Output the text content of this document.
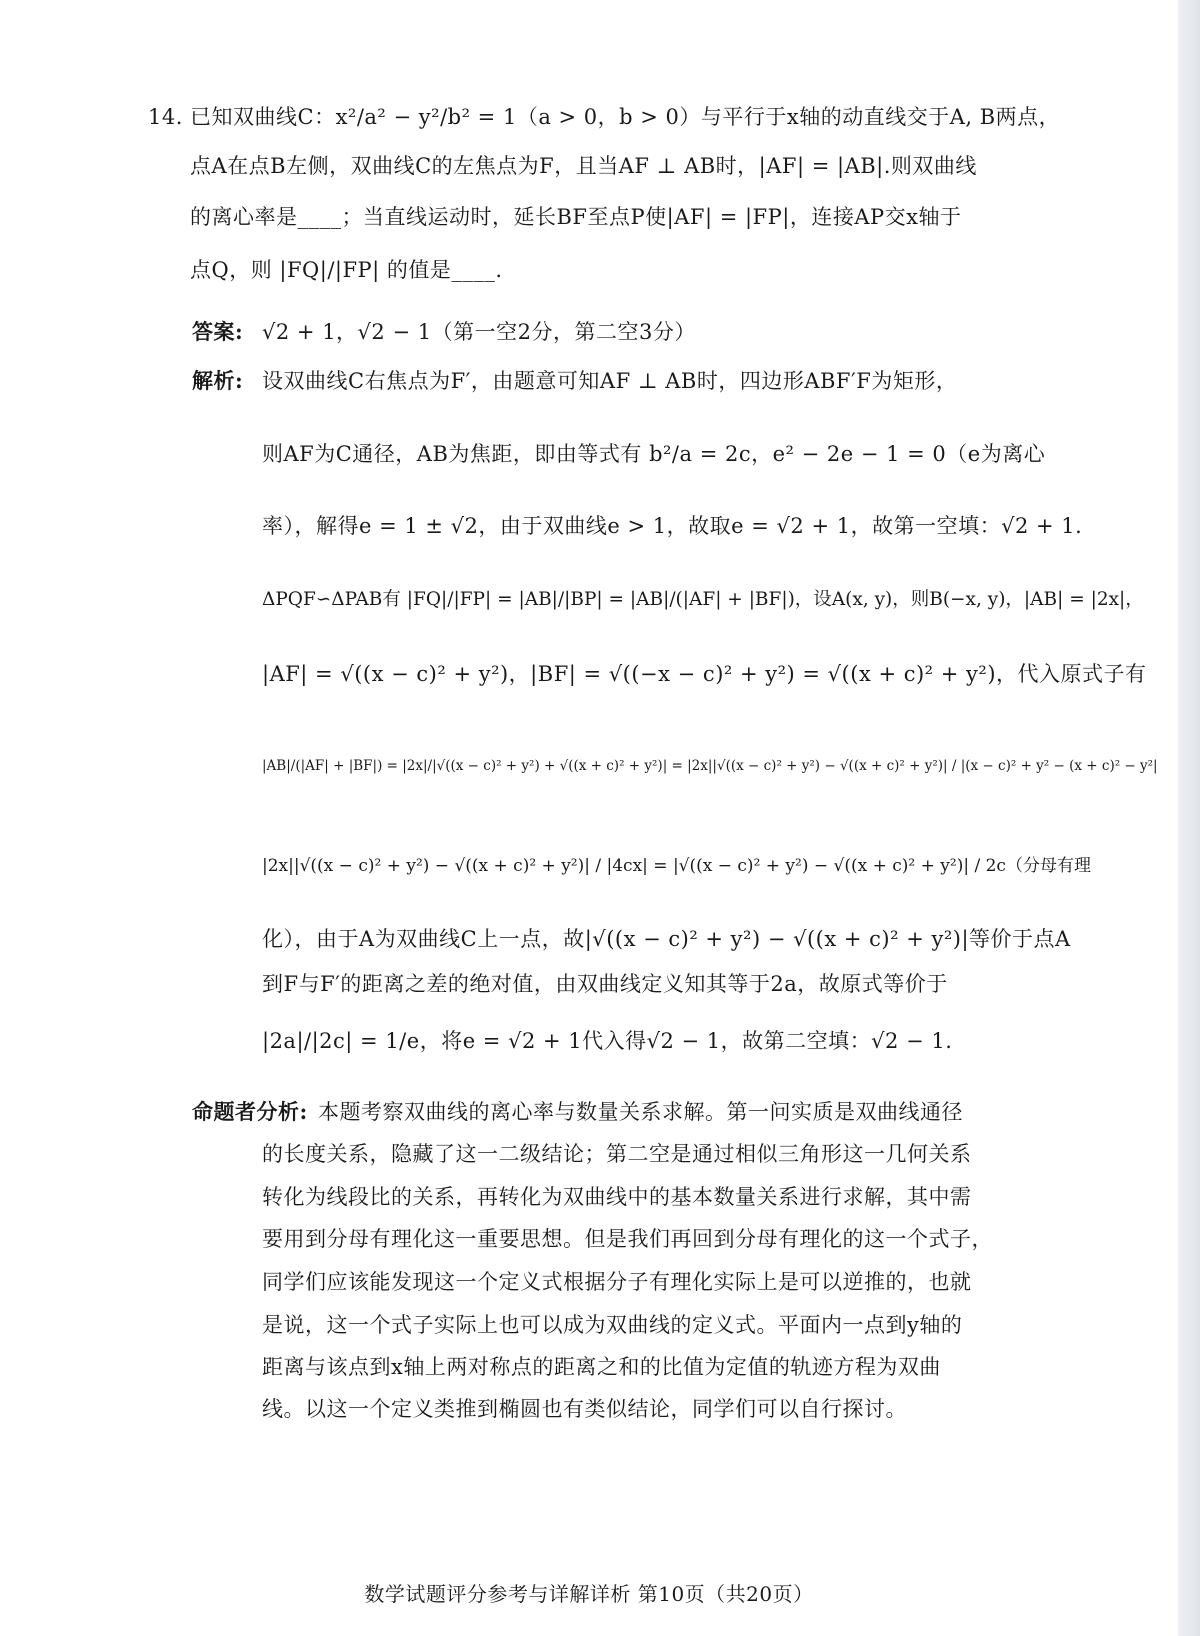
14. 已知双曲线C：x²/a² − y²/b² = 1（a > 0，b > 0）与平行于x轴的动直线交于A, B两点，
点A在点B左侧，双曲线C的左焦点为F，且当AF ⊥ AB时，|AF| = |AB|.则双曲线
的离心率是____；当直线运动时，延长BF至点P使|AF| = |FP|，连接AP交x轴于
点Q，则 |FQ|/|FP| 的值是____.
答案: √2 + 1，√2 − 1（第一空2分，第二空3分）
解析: 设双曲线C右焦点为F′，由题意可知AF ⊥ AB时，四边形ABF′F为矩形，
则AF为C通径，AB为焦距，即由等式有 b²/a = 2c，e² − 2e − 1 = 0（e为离心
率），解得e = 1 ± √2，由于双曲线e > 1，故取e = √2 + 1，故第一空填：√2 + 1.
ΔPQF∽ΔPAB有 |FQ|/|FP| = |AB|/|BP| = |AB|/(|AF| + |BF|)，设A(x, y)，则B(−x, y)，|AB| = |2x|，
|AF| = √((x − c)² + y²)，|BF| = √((−x − c)² + y²) = √((x + c)² + y²)，代入原式子有
|AB|/(|AF| + |BF|) = |2x|/|√((x − c)² + y²) + √((x + c)² + y²)| = |2x||√((x − c)² + y²) − √((x + c)² + y²)| / |(x − c)² + y² − (x + c)² − y²|
|2x||√((x − c)² + y²) − √((x + c)² + y²)| / |4cx| = |√((x − c)² + y²) − √((x + c)² + y²)| / 2c（分母有理
化），由于A为双曲线C上一点，故|√((x − c)² + y²) − √((x + c)² + y²)|等价于点A
到F与F′的距离之差的绝对值，由双曲线定义知其等于2a，故原式等价于
|2a|/|2c| = 1/e，将e = √2 + 1代入得√2 − 1，故第二空填：√2 − 1.
命题者分析: 本题考察双曲线的离心率与数量关系求解。第一问实质是双曲线通径
的长度关系，隐藏了这一二级结论；第二空是通过相似三角形这一几何关系
转化为线段比的关系，再转化为双曲线中的基本数量关系进行求解，其中需
要用到分母有理化这一重要思想。但是我们再回到分母有理化的这一个式子，
同学们应该能发现这一个定义式根据分子有理化实际上是可以逆推的，也就
是说，这一个式子实际上也可以成为双曲线的定义式。平面内一点到y轴的
距离与该点到x轴上两对称点的距离之和的比值为定值的轨迹方程为双曲
线。以这一个定义类推到椭圆也有类似结论，同学们可以自行探讨。
数学试题评分参考与详解详析 第10页（共20页）
